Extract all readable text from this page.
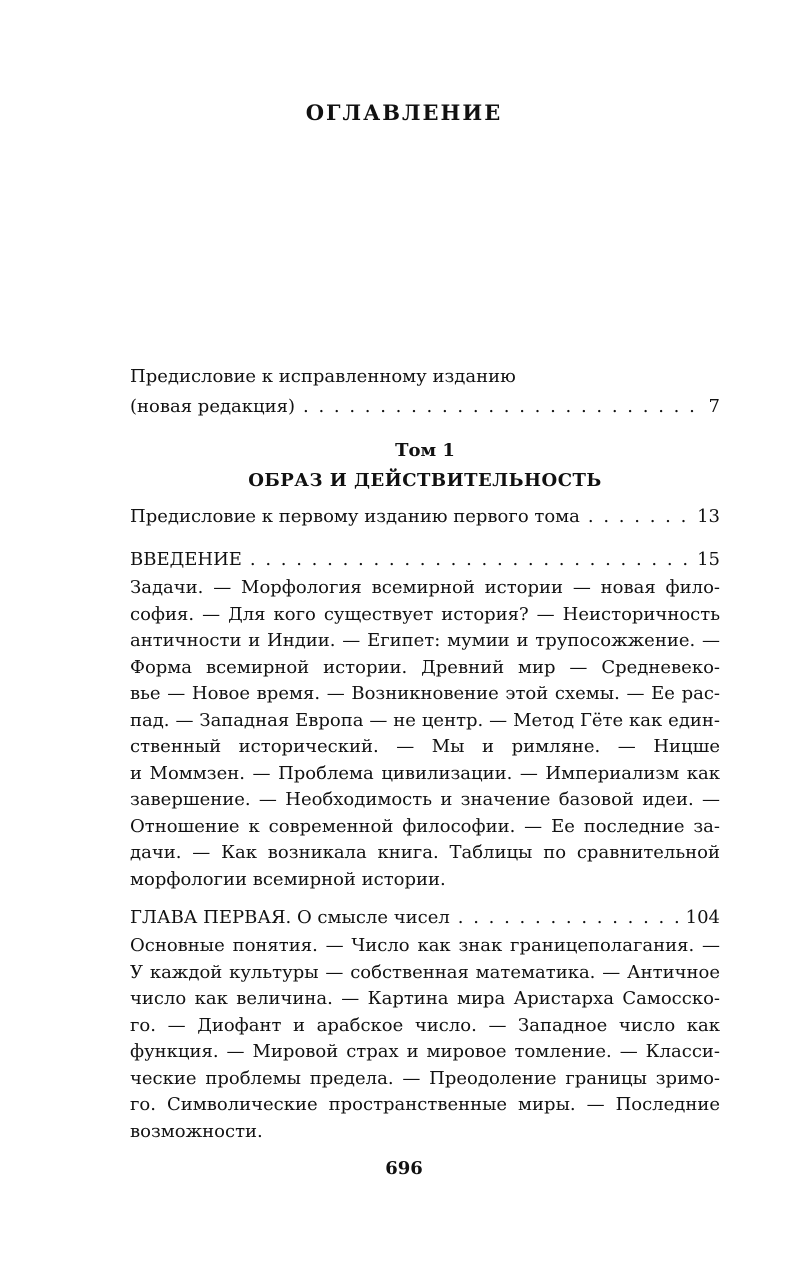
ОГЛАВЛЕНИЕ
Предисловие к исправленному изданию
(новая редакция) . . .	7
Том 1
ОБРАЗ И ДЕЙСТВИТЕЛЬНОСТЬ
Предисловие к первому изданию первого тома . . .	13
ВВЕДЕНИЕ . . .	15
Задачи. — Морфология всемирной истории — новая фило-
софия. — Для кого существует история? — Неисторичность
античности и Индии. — Египет: мумии и трупосожжение. —
Форма всемирной истории. Древний мир — Средневеко-
вье — Новое время. — Возникновение этой схемы. — Ее рас-
пад. — Западная Европа — не центр. — Метод Гёте как един-
ственный исторический. — Мы и римляне. — Ницше
и Моммзен. — Проблема цивилизации. — Империализм как
завершение. — Необходимость и значение базовой идеи. —
Отношение к современной философии. — Ее последние за-
дачи. — Как возникала книга. Таблицы по сравнительной
морфологии всемирной истории.
ГЛАВА ПЕРВАЯ. О смысле чисел . . .	104
Основные понятия. — Число как знак границеполагания. —
У каждой культуры — собственная математика. — Античное
число как величина. — Картина мира Аристарха Самосско-
го. — Диофант и арабское число. — Западное число как
функция. — Мировой страх и мировое томление. — Класси-
ческие проблемы предела. — Преодоление границы зримо-
го. Символические пространственные миры. — Последние
возможности.
696
